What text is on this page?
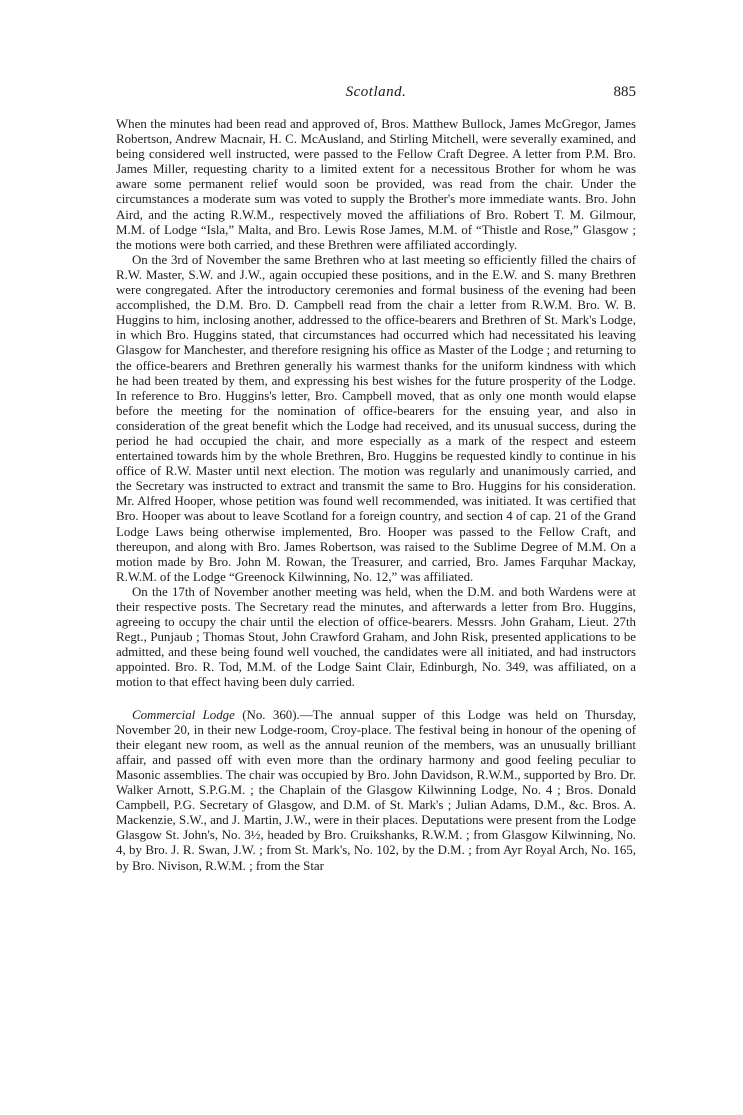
Scotland.	885

When the minutes had been read and approved of, Bros. Matthew Bullock, James McGregor, James Robertson, Andrew Macnair, H. C. McAusland, and Stirling Mitchell, were severally examined, and being considered well instructed, were passed to the Fellow Craft Degree. A letter from P.M. Bro. James Miller, requesting charity to a limited extent for a necessitous Brother for whom he was aware some permanent relief would soon be provided, was read from the chair. Under the circumstances a moderate sum was voted to supply the Brother's more immediate wants. Bro. John Aird, and the acting R.W.M., respectively moved the affiliations of Bro. Robert T. M. Gilmour, M.M. of Lodge “Isla,” Malta, and Bro. Lewis Rose James, M.M. of “Thistle and Rose,” Glasgow ; the motions were both carried, and these Brethren were affiliated accordingly.

On the 3rd of November the same Brethren who at last meeting so efficiently filled the chairs of R.W. Master, S.W. and J.W., again occupied these positions, and in the E.W. and S. many Brethren were congregated. After the introductory ceremonies and formal business of the evening had been accomplished, the D.M. Bro. D. Campbell read from the chair a letter from R.W.M. Bro. W. B. Huggins to him, inclosing another, addressed to the office-bearers and Brethren of St. Mark's Lodge, in which Bro. Huggins stated, that circumstances had occurred which had necessitated his leaving Glasgow for Manchester, and therefore resigning his office as Master of the Lodge ; and returning to the office-bearers and Brethren generally his warmest thanks for the uniform kindness with which he had been treated by them, and expressing his best wishes for the future prosperity of the Lodge. In reference to Bro. Huggins's letter, Bro. Campbell moved, that as only one month would elapse before the meeting for the nomination of office-bearers for the ensuing year, and also in consideration of the great benefit which the Lodge had received, and its unusual success, during the period he had occupied the chair, and more especially as a mark of the respect and esteem entertained towards him by the whole Brethren, Bro. Huggins be requested kindly to continue in his office of R.W. Master until next election. The motion was regularly and unanimously carried, and the Secretary was instructed to extract and transmit the same to Bro. Huggins for his consideration. Mr. Alfred Hooper, whose petition was found well recommended, was initiated. It was certified that Bro. Hooper was about to leave Scotland for a foreign country, and section 4 of cap. 21 of the Grand Lodge Laws being otherwise implemented, Bro. Hooper was passed to the Fellow Craft, and thereupon, and along with Bro. James Robertson, was raised to the Sublime Degree of M.M. On a motion made by Bro. John M. Rowan, the Treasurer, and carried, Bro. James Farquhar Mackay, R.W.M. of the Lodge “Greenock Kilwinning, No. 12,” was affiliated.

On the 17th of November another meeting was held, when the D.M. and both Wardens were at their respective posts. The Secretary read the minutes, and afterwards a letter from Bro. Huggins, agreeing to occupy the chair until the election of office-bearers. Messrs. John Graham, Lieut. 27th Regt., Punjaub ; Thomas Stout, John Crawford Graham, and John Risk, presented applications to be admitted, and these being found well vouched, the candidates were all initiated, and had instructors appointed. Bro. R. Tod, M.M. of the Lodge Saint Clair, Edinburgh, No. 349, was affiliated, on a motion to that effect having been duly carried.

Commercial Lodge (No. 360).—The annual supper of this Lodge was held on Thursday, November 20, in their new Lodge-room, Croy-place. The festival being in honour of the opening of their elegant new room, as well as the annual reunion of the members, was an unusually brilliant affair, and passed off with even more than the ordinary harmony and good feeling peculiar to Masonic assemblies. The chair was occupied by Bro. John Davidson, R.W.M., supported by Bro. Dr. Walker Arnott, S.P.G.M. ; the Chaplain of the Glasgow Kilwinning Lodge, No. 4 ; Bros. Donald Campbell, P.G. Secretary of Glasgow, and D.M. of St. Mark's ; Julian Adams, D.M., &c. Bros. A. Mackenzie, S.W., and J. Martin, J.W., were in their places. Deputations were present from the Lodge Glasgow St. John's, No. 3½, headed by Bro. Cruikshanks, R.W.M. ; from Glasgow Kilwinning, No. 4, by Bro. J. R. Swan, J.W. ; from St. Mark's, No. 102, by the D.M. ; from Ayr Royal Arch, No. 165, by Bro. Nivison, R.W.M. ; from the Star
